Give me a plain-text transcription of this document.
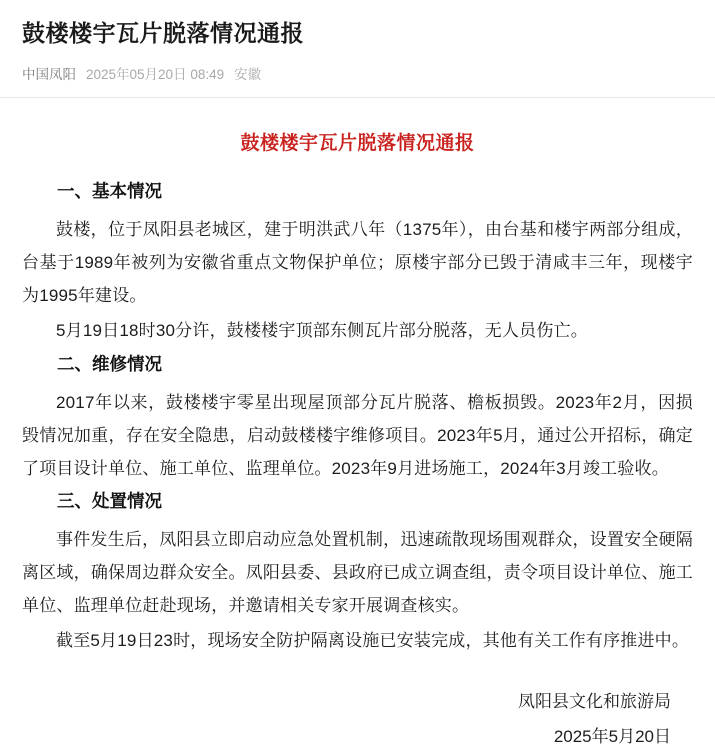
鼓楼楼宇瓦片脱落情况通报
中国凤阳 2025年05月20日 08:49 安徽
鼓楼楼宇瓦片脱落情况通报
一、基本情况

鼓楼，位于凤阳县老城区，建于明洪武八年（1375年），由台基和楼宇两部分组成，台基于1989年被列为安徽省重点文物保护单位；原楼宇部分已毁于清咸丰三年，现楼宇为1995年建设。

5月19日18时30分许，鼓楼楼宇顶部东侧瓦片部分脱落，无人员伤亡。

二、维修情况

2017年以来，鼓楼楼宇零星出现屋顶部分瓦片脱落、檐板损毁。2023年2月，因损毁情况加重，存在安全隐患，启动鼓楼楼宇维修项目。2023年5月，通过公开招标，确定了项目设计单位、施工单位、监理单位。2023年9月进场施工，2024年3月竣工验收。

三、处置情况

事件发生后，凤阳县立即启动应急处置机制，迅速疏散现场围观群众，设置安全硬隔离区域，确保周边群众安全。凤阳县委、县政府已成立调查组，责令项目设计单位、施工单位、监理单位赶赴现场，并邀请相关专家开展调查核实。

截至5月19日23时，现场安全防护隔离设施已安装完成，其他有关工作有序推进中。

凤阳县文化和旅游局
2025年5月20日
